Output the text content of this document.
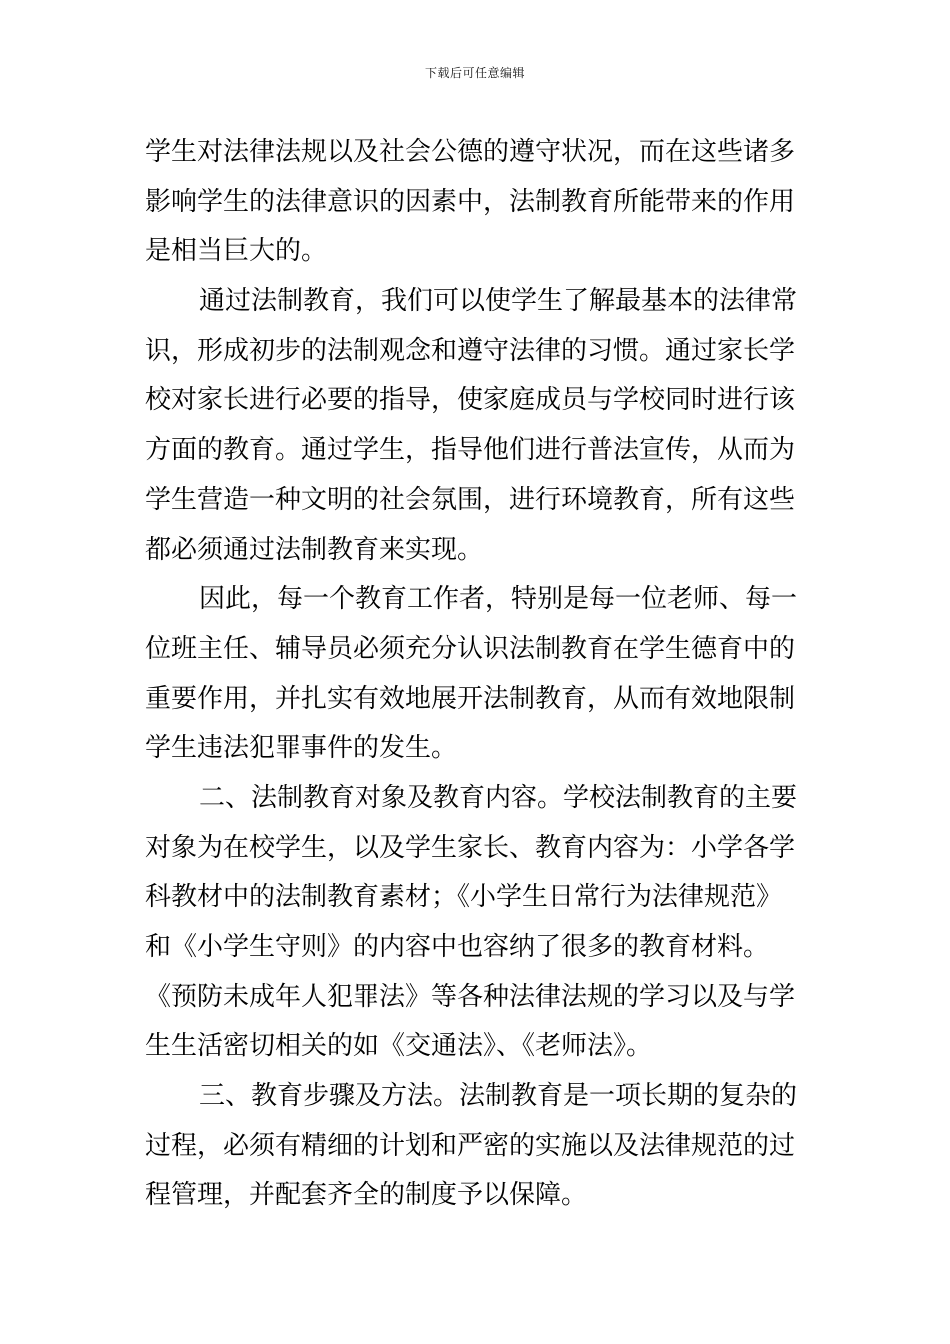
下载后可任意编辑
学生对法律法规以及社会公德的遵守状况，而在这些诸多
影响学生的法律意识的因素中，法制教育所能带来的作用
是相当巨大的。
通过法制教育，我们可以使学生了解最基本的法律常
识，形成初步的法制观念和遵守法律的习惯。通过家长学
校对家长进行必要的指导，使家庭成员与学校同时进行该
方面的教育。通过学生，指导他们进行普法宣传，从而为
学生营造一种文明的社会氛围，进行环境教育，所有这些
都必须通过法制教育来实现。
因此，每一个教育工作者，特别是每一位老师、每一
位班主任、辅导员必须充分认识法制教育在学生德育中的
重要作用，并扎实有效地展开法制教育，从而有效地限制
学生违法犯罪事件的发生。
二、法制教育对象及教育内容。学校法制教育的主要
对象为在校学生，以及学生家长、教育内容为：小学各学
科教材中的法制教育素材；《小学生日常行为法律规范》
和《小学生守则》的内容中也容纳了很多的教育材料。
《预防未成年人犯罪法》等各种法律法规的学习以及与学
生生活密切相关的如《交通法》、《老师法》。
三、教育步骤及方法。法制教育是一项长期的复杂的
过程，必须有精细的计划和严密的实施以及法律规范的过
程管理，并配套齐全的制度予以保障。
